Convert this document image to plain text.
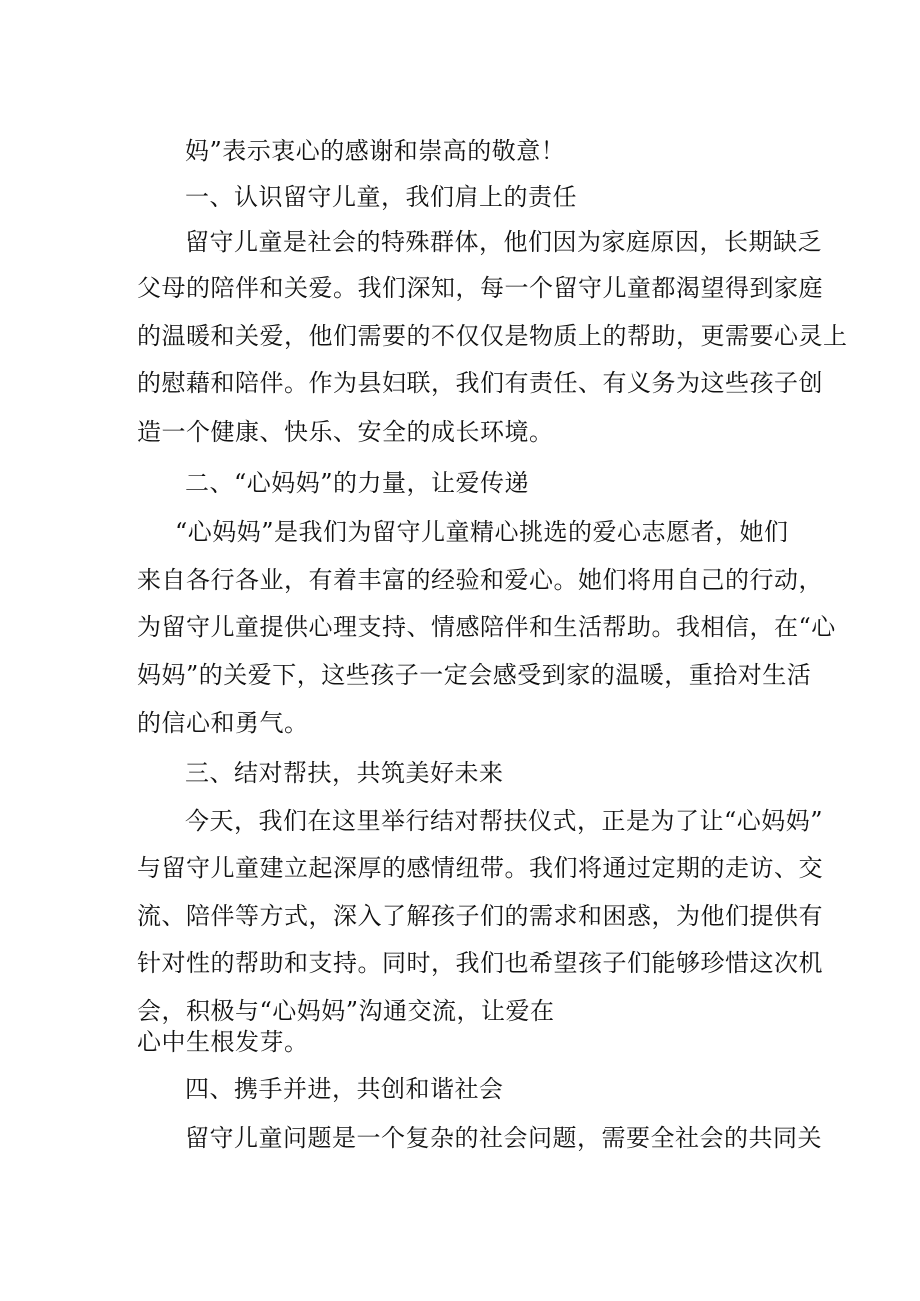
妈”表示衷心的感谢和崇高的敬意！

一、认识留守儿童，我们肩上的责任

留守儿童是社会的特殊群体，他们因为家庭原因，长期缺乏

父母的陪伴和关爱。我们深知，每一个留守儿童都渴望得到家庭

的温暖和关爱，他们需要的不仅仅是物质上的帮助，更需要心灵上

的慰藉和陪伴。作为县妇联，我们有责任、有义务为这些孩子创

造一个健康、快乐、安全的成长环境。

二、“心妈妈”的力量，让爱传递

“心妈妈”是我们为留守儿童精心挑选的爱心志愿者，她们

来自各行各业，有着丰富的经验和爱心。她们将用自己的行动，

为留守儿童提供心理支持、情感陪伴和生活帮助。我相信，在“心

妈妈”的关爱下，这些孩子一定会感受到家的温暖，重拾对生活

的信心和勇气。

三、结对帮扶，共筑美好未来

今天，我们在这里举行结对帮扶仪式，正是为了让“心妈妈”

与留守儿童建立起深厚的感情纽带。我们将通过定期的走访、交

流、陪伴等方式，深入了解孩子们的需求和困惑，为他们提供有

针对性的帮助和支持。同时，我们也希望孩子们能够珍惜这次机

会，积极与“心妈妈”沟通交流，让爱在

心中生根发芽。

四、携手并进，共创和谐社会

留守儿童问题是一个复杂的社会问题，需要全社会的共同关
